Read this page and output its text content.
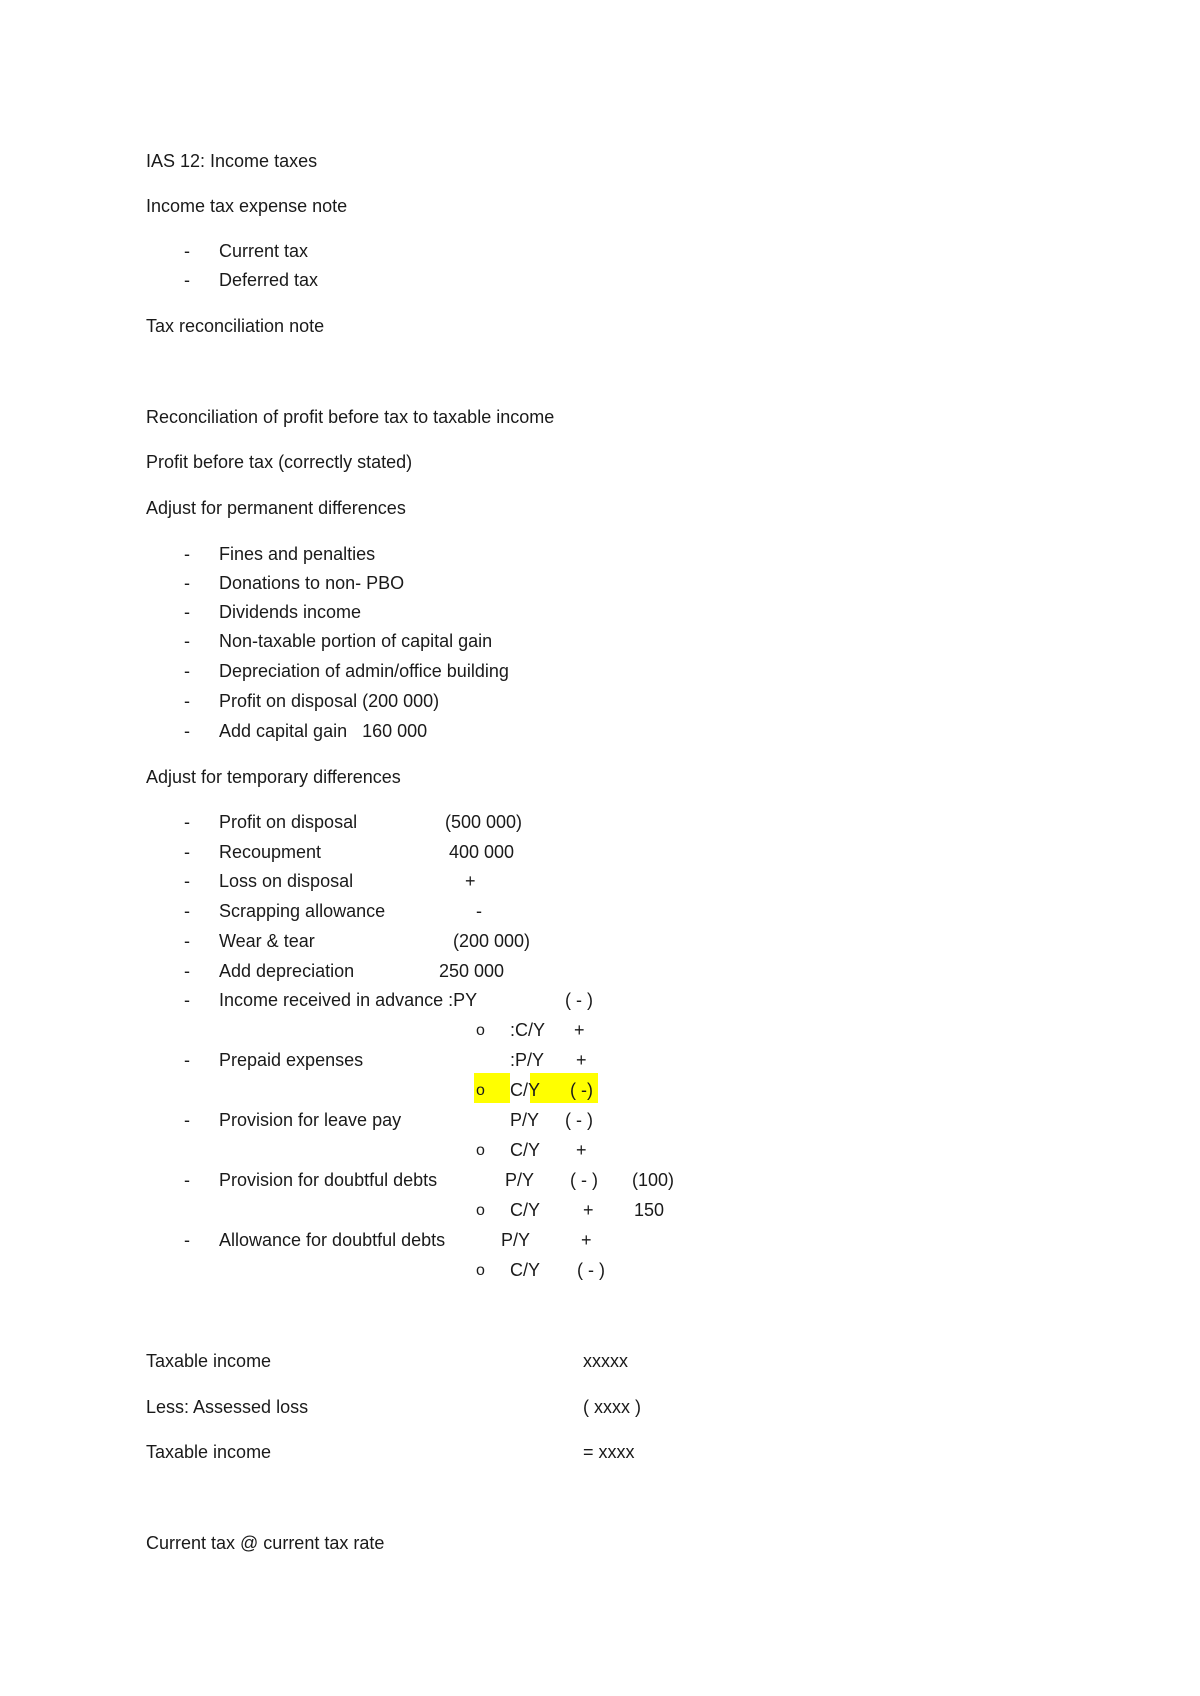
IAS 12: Income taxes
Income tax expense note
-
Current tax
-
Deferred tax
Tax reconciliation note
Reconciliation of profit before tax to taxable income
Profit before tax (correctly stated)
Adjust for permanent differences
-
Fines and penalties
-
Donations to non- PBO
-
Dividends income
-
Non-taxable portion of capital gain
-
Depreciation of admin/office building
-
Profit on disposal (200 000)
-
Add capital gain   160 000
Adjust for temporary differences
-
Profit on disposal	(500 000)
-
Recoupment	400 000
-
Loss on disposal	+
-
Scrapping allowance	-
-
Wear & tear	(200 000)
-
Add depreciation	250 000
-
Income received in advance :PY	( - )
o :C/Y +
-
Prepaid expenses	:P/Y +
o C/Y ( -)
-
Provision for leave pay	P/Y ( - )
o C/Y +
-
Provision for doubtful debts	P/Y ( - ) (100)
o C/Y + 150
-
Allowance for doubtful debts	P/Y	+
o C/Y ( - )
Taxable income	xxxxx
Less: Assessed loss	( xxxx )
Taxable income	= xxxx
Current tax @ current tax rate
